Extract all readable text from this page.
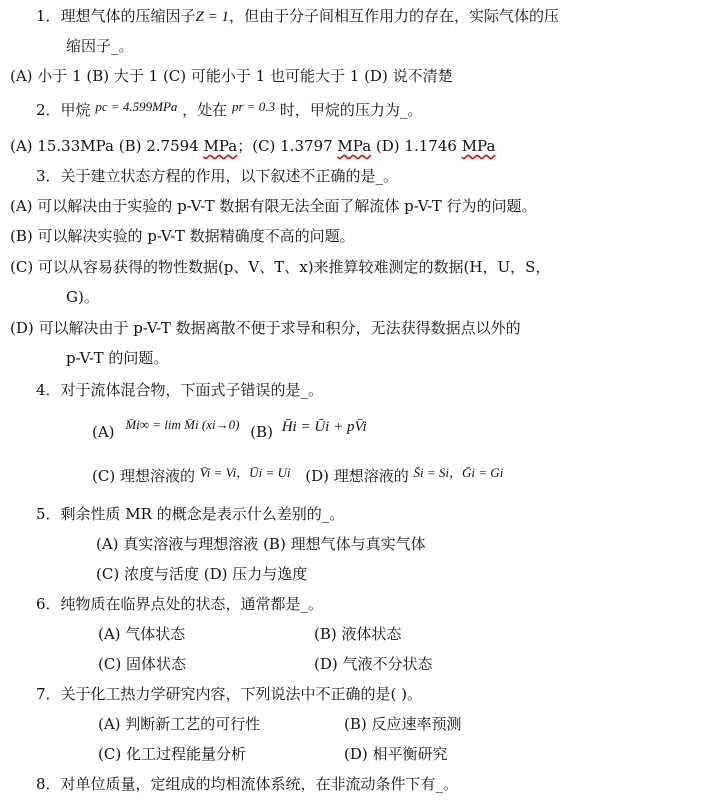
1．理想气体的压缩因子Z = 1，但由于分子间相互作用力的存在，实际气体的压
缩因子_。
(A) 小于 1 (B) 大于 1 (C) 可能小于 1 也可能大于 1 (D) 说不清楚
2．甲烷 pc = 4.599MPa ，处在 pr = 0.3 时，甲烷的压力为_。
(A) 15.33MPa (B) 2.7594 MPa；(C) 1.3797 MPa (D) 1.1746 MPa
3．关于建立状态方程的作用，以下叙述不正确的是_。
(A) 可以解决由于实验的 p-V-T 数据有限无法全面了解流体 p-V-T 行为的问题。
(B) 可以解决实验的 p-V-T 数据精确度不高的问题。
(C) 可以从容易获得的物性数据(p、V、T、x)来推算较难测定的数据(H，U，S，
G)。
(D) 可以解决由于 p-V-T 数据离散不便于求导和积分，无法获得数据点以外的
p-V-T 的问题。
4．对于流体混合物，下面式子错误的是_。
(A) M̄i∞ = lim M̄i (xi→0) (B) H̄i = Ūi + pV̄i
(C) 理想溶液的 V̄i = Vi，Ūi = Ui (D) 理想溶液的 S̄i = Si，Ḡi = Gi
5．剩余性质 MR 的概念是表示什么差别的_。
(A) 真实溶液与理想溶液 (B) 理想气体与真实气体
(C) 浓度与活度 (D) 压力与逸度
6．纯物质在临界点处的状态，通常都是_。
(A) 气体状态	(B) 液体状态
(C) 固体状态	(D) 气液不分状态
7．关于化工热力学研究内容，下列说法中不正确的是( )。
(A) 判断新工艺的可行性	(B) 反应速率预测
(C) 化工过程能量分析	(D) 相平衡研究
8．对单位质量，定组成的均相流体系统，在非流动条件下有_。
